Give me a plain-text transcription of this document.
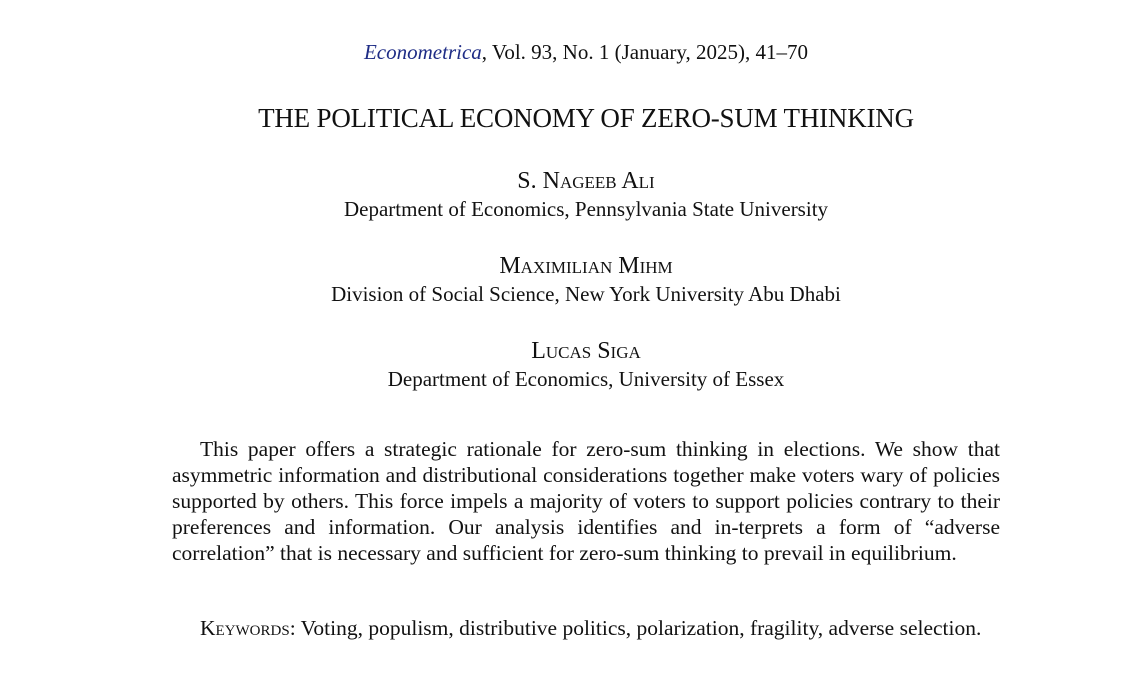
Econometrica, Vol. 93, No. 1 (January, 2025), 41–70
THE POLITICAL ECONOMY OF ZERO-SUM THINKING
S. Nageeb Ali
Department of Economics, Pennsylvania State University
Maximilian Mihm
Division of Social Science, New York University Abu Dhabi
Lucas Siga
Department of Economics, University of Essex

This paper offers a strategic rationale for zero-sum thinking in elections. We show that asymmetric information and distributional considerations together make voters wary of policies supported by others. This force impels a majority of voters to support policies contrary to their preferences and information. Our analysis identifies and in-terprets a form of “adverse correlation” that is necessary and sufficient for zero-sum thinking to prevail in equilibrium.

Keywords: Voting, populism, distributive politics, polarization, fragility, adverse selection.
